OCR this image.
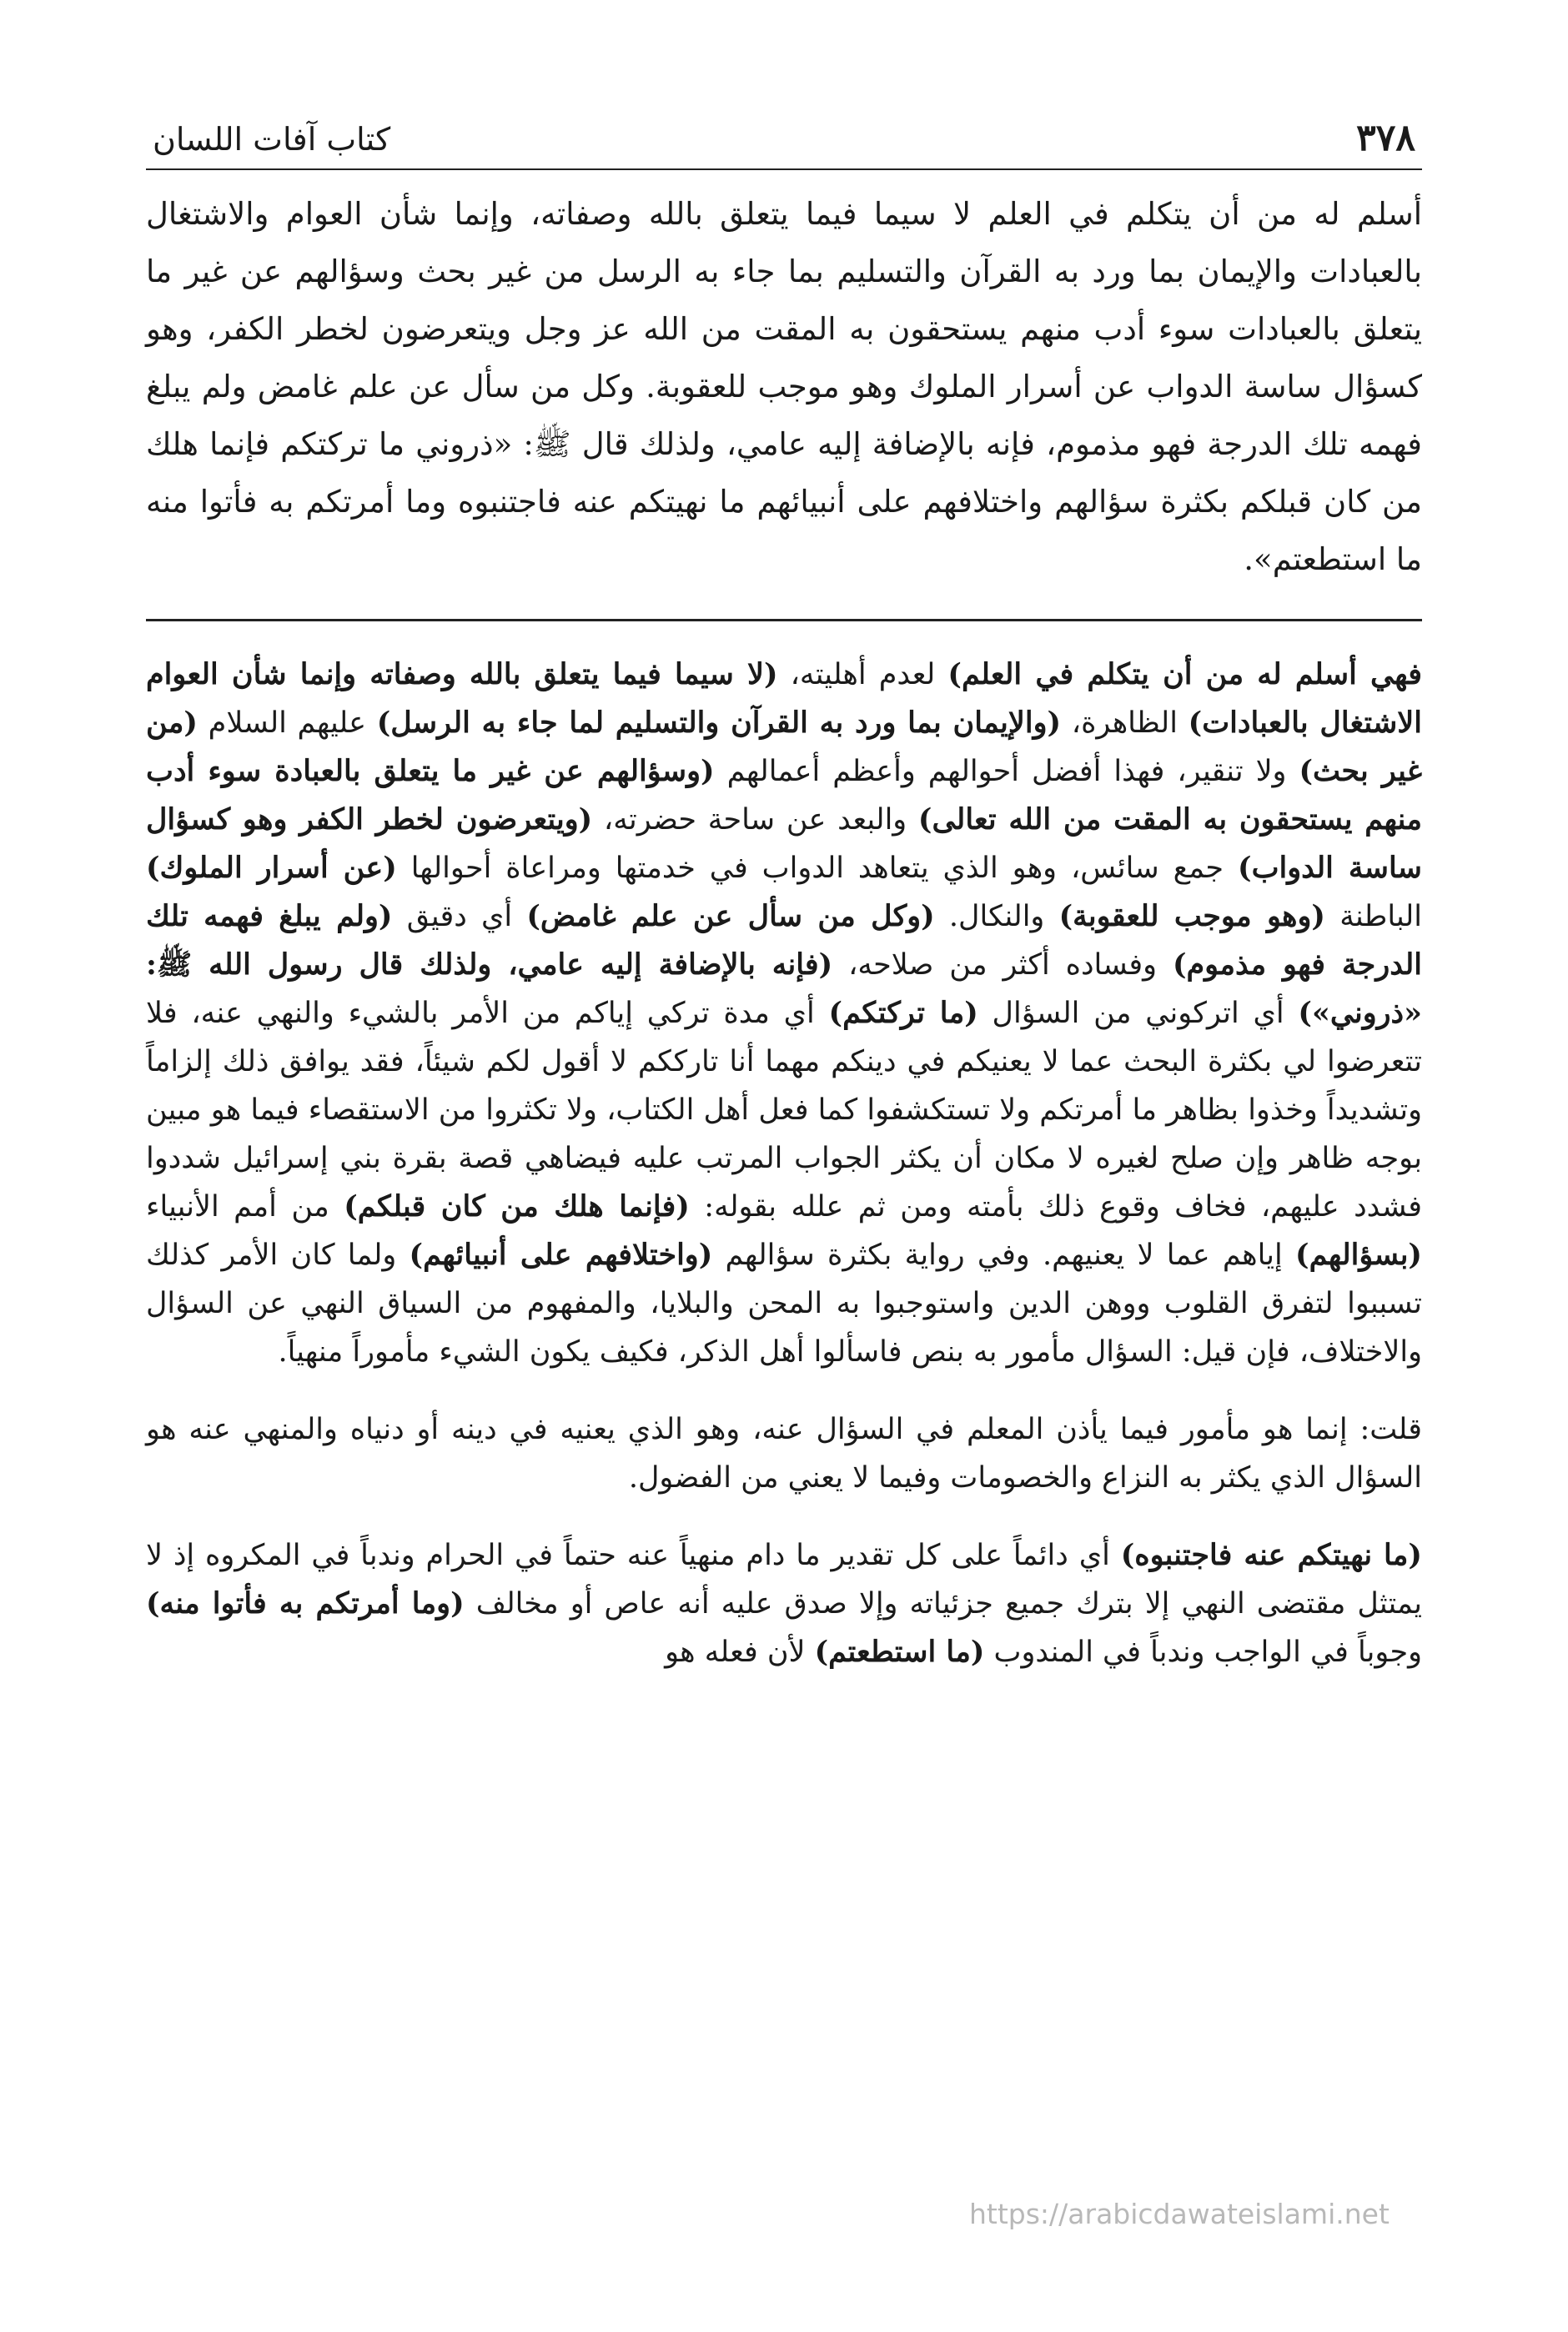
٣٧٨
كتاب آفات اللسان

أسلم له من أن يتكلم في العلم لا سيما فيما يتعلق بالله وصفاته، وإنما شأن العوام والاشتغال بالعبادات والإيمان بما ورد به القرآن والتسليم بما جاء به الرسل من غير بحث وسؤالهم عن غير ما يتعلق بالعبادات سوء أدب منهم يستحقون به المقت من الله عز وجل ويتعرضون لخطر الكفر، وهو كسؤال ساسة الدواب عن أسرار الملوك وهو موجب للعقوبة. وكل من سأل عن علم غامض ولم يبلغ فهمه تلك الدرجة فهو مذموم، فإنه بالإضافة إليه عامي، ولذلك قال ﷺ: «ذروني ما تركتكم فإنما هلك من كان قبلكم بكثرة سؤالهم واختلافهم على أنبيائهم ما نهيتكم عنه فاجتنبوه وما أمرتكم به فأتوا منه ما استطعتم».

فهي أسلم له من أن يتكلم في العلم) لعدم أهليته، (لا سيما فيما يتعلق بالله وصفاته وإنما شأن العوام الاشتغال بالعبادات) الظاهرة، (والإيمان بما ورد به القرآن والتسليم لما جاء به الرسل) عليهم السلام (من غير بحث) ولا تنقير، فهذا أفضل أحوالهم وأعظم أعمالهم (وسؤالهم عن غير ما يتعلق بالعبادة سوء أدب منهم يستحقون به المقت من الله تعالى) والبعد عن ساحة حضرته، (ويتعرضون لخطر الكفر وهو كسؤال ساسة الدواب) جمع سائس، وهو الذي يتعاهد الدواب في خدمتها ومراعاة أحوالها (عن أسرار الملوك) الباطنة (وهو موجب للعقوبة) والنكال. (وكل من سأل عن علم غامض) أي دقيق (ولم يبلغ فهمه تلك الدرجة فهو مذموم) وفساده أكثر من صلاحه، (فإنه بالإضافة إليه عامي، ولذلك قال رسول الله ﷺ: «ذروني») أي اتركوني من السؤال (ما تركتكم) أي مدة تركي إياكم من الأمر بالشيء والنهي عنه، فلا تتعرضوا لي بكثرة البحث عما لا يعنيكم في دينكم مهما أنا تارككم لا أقول لكم شيئاً، فقد يوافق ذلك إلزاماً وتشديداً وخذوا بظاهر ما أمرتكم ولا تستكشفوا كما فعل أهل الكتاب، ولا تكثروا من الاستقصاء فيما هو مبين بوجه ظاهر وإن صلح لغيره لا مكان أن يكثر الجواب المرتب عليه فيضاهي قصة بقرة بني إسرائيل شددوا فشدد عليهم، فخاف وقوع ذلك بأمته ومن ثم علله بقوله: (فإنما هلك من كان قبلكم) من أمم الأنبياء (بسؤالهم) إياهم عما لا يعنيهم. وفي رواية بكثرة سؤالهم (واختلافهم على أنبيائهم) ولما كان الأمر كذلك تسببوا لتفرق القلوب ووهن الدين واستوجبوا به المحن والبلايا، والمفهوم من السياق النهي عن السؤال والاختلاف، فإن قيل: السؤال مأمور به بنص فاسألوا أهل الذكر، فكيف يكون الشيء مأموراً منهياً.

قلت: إنما هو مأمور فيما يأذن المعلم في السؤال عنه، وهو الذي يعنيه في دينه أو دنياه والمنهي عنه هو السؤال الذي يكثر به النزاع والخصومات وفيما لا يعني من الفضول.

(ما نهيتكم عنه فاجتنبوه) أي دائماً على كل تقدير ما دام منهياً عنه حتماً في الحرام وندباً في المكروه إذ لا يمتثل مقتضى النهي إلا بترك جميع جزئياته وإلا صدق عليه أنه عاص أو مخالف (وما أمرتكم به فأتوا منه) وجوباً في الواجب وندباً في المندوب (ما استطعتم) لأن فعله هو

https://arabicdawateislami.net
